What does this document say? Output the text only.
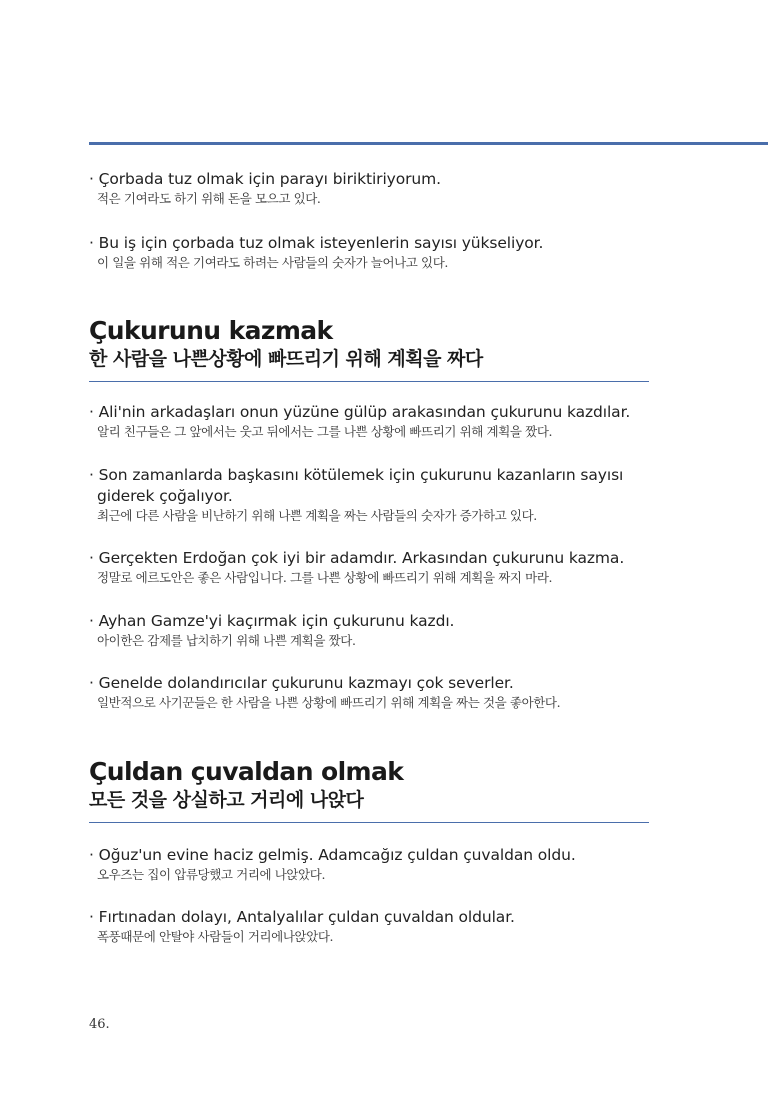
· Çorbada tuz olmak için parayı biriktiriyorum.
적은 기여라도 하기 위해 돈을 모으고 있다.
· Bu iş için çorbada tuz olmak isteyenlerin sayısı yükseliyor.
이 일을 위해 적은 기여라도 하려는 사람들의 숫자가 늘어나고 있다.
Çukurunu kazmak
한 사람을 나쁜상황에 빠뜨리기 위해 계획을 짜다
· Ali'nin arkadaşları onun yüzüne gülüp arakasından çukurunu kazdılar.
알리 친구들은 그 앞에서는 웃고 뒤에서는 그를 나쁜 상황에 빠뜨리기 위해 계획을 짰다.
· Son zamanlarda başkasını kötülemek için çukurunu kazanların sayısı giderek çoğalıyor.
최근에 다른 사람을 비난하기 위해 나쁜 계획을 짜는 사람들의 숫자가 증가하고 있다.
· Gerçekten Erdoğan çok iyi bir adamdır. Arkasından çukurunu kazma.
정말로 에르도안은 좋은 사람입니다. 그를 나쁜 상황에 빠뜨리기 위해 계획을 짜지 마라.
· Ayhan Gamze'yi kaçırmak için çukurunu kazdı.
아이한은 감제를 납치하기 위해 나쁜 계획을 짰다.
· Genelde dolandırıcılar çukurunu kazmayı çok severler.
일반적으로 사기꾼들은 한 사람을 나쁜 상황에 빠뜨리기 위해 계획을 짜는 것을 좋아한다.
Çuldan çuvaldan olmak
모든 것을 상실하고 거리에 나앉다
· Oğuz'un evine haciz gelmiş. Adamcağız çuldan çuvaldan oldu.
오우즈는 집이 압류당했고 거리에 나앉았다.
· Fırtınadan dolayı, Antalyalılar çuldan çuvaldan oldular.
폭풍때문에 안탈야 사람들이 거리에나앉았다.
46.
